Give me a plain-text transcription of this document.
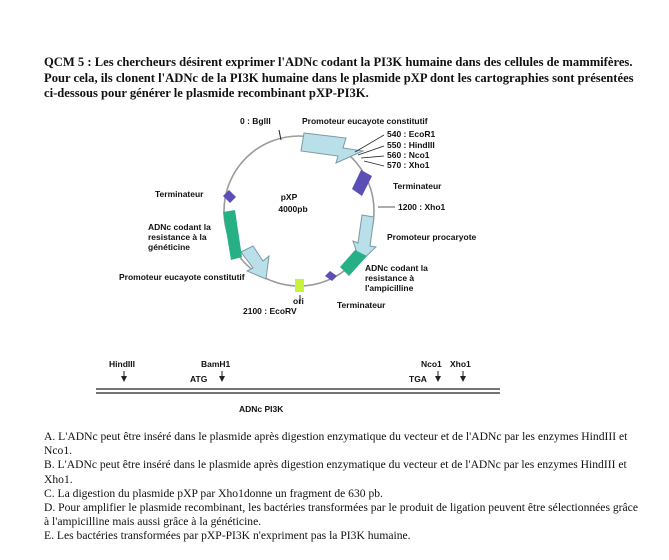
QCM 5 : Les chercheurs désirent exprimer l'ADNc codant la PI3K humaine dans des cellules de mammifères. Pour cela, ils clonent l'ADNc de la PI3K humaine dans le plasmide pXP dont les cartographies sont présentées ci-dessous pour générer le plasmide recombinant pXP-PI3K.

0 : BglII	Promoteur eucayote constitutif
540 : EcoR1
550 : HindIII
560 : Nco1
570 : Xho1
Terminateur
1200 : Xho1
Promoteur procaryote
ADNc codant la
resistance à
l'ampicilline
Terminateur
ori
2100 : EcoRV
Promoteur eucayote constitutif
ADNc codant la
resistance à la
généticine
Terminateur	pXP
4000pb
HindIII	BamH1
ATG
Nco1 Xho1
TGA
ADNc PI3K

A. L'ADNc peut être inséré dans le plasmide après digestion enzymatique du vecteur et de l'ADNc par les enzymes HindIII et Nco1.

B. L'ADNc peut être inséré dans le plasmide après digestion enzymatique du vecteur et de l'ADNc par les enzymes HindIII et Xho1.

C. La digestion du plasmide pXP par Xho1donne un fragment de 630 pb.

D. Pour amplifier le plasmide recombinant, les bactéries transformées par le produit de ligation peuvent être sélectionnées grâce à l'ampicilline mais aussi grâce à la généticine.

E. Les bactéries transformées par pXP-PI3K n'expriment pas la PI3K humaine.
